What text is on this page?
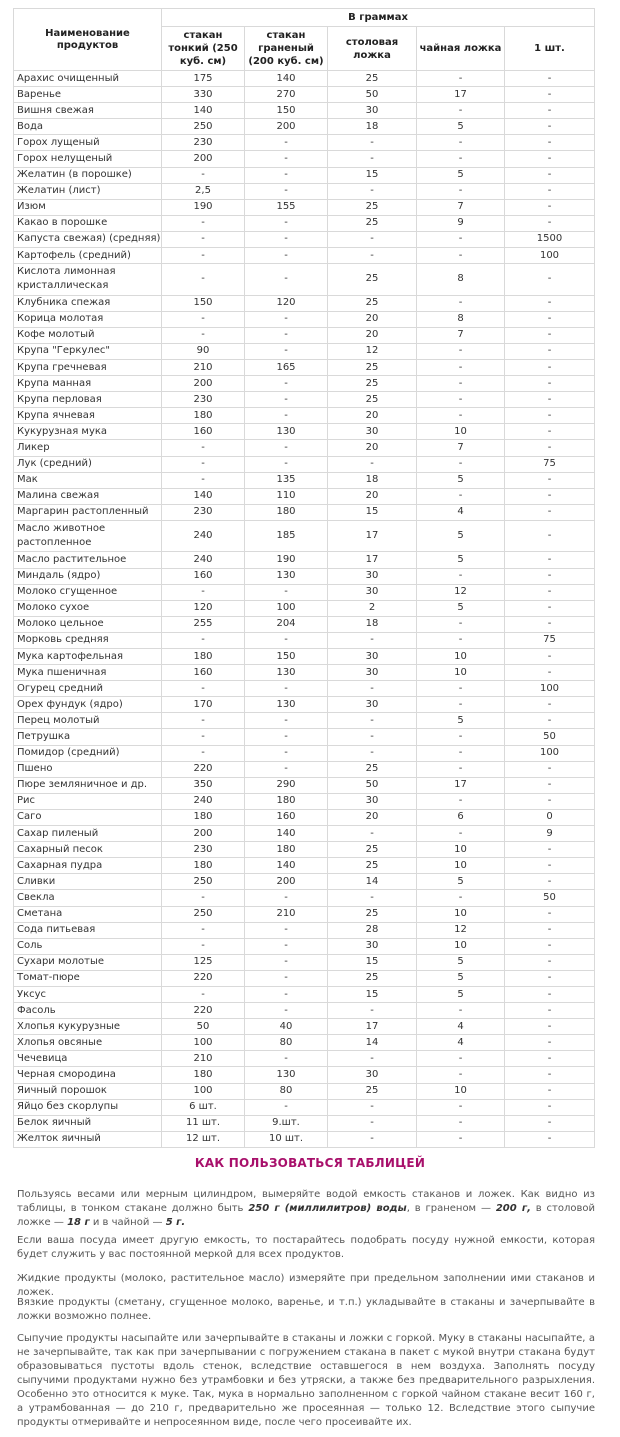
Наименование продуктов	В граммах				
	стакан тонкий (250 куб. см)	стакан граненый (200 куб. см)	столовая ложка	чайная ложка	1 шт.
Арахис очищенный	175	140	25	-	-
Варенье	330	270	50	17	-
Вишня свежая	140	150	30	-	-
Вода	250	200	18	5	-
Горох лущеный	230	-	-	-	-
Горох нелущеный	200	-	-	-	-
Желатин (в порошке)	-	-	15	5	-
Желатин (лист)	2,5	-	-	-	-
Изюм	190	155	25	7	-
Какао в порошке	-	-	25	9	-
Капуста свежая) (средняя)	-	-	-	-	1500
Картофель (средний)	-	-	-	-	100
Кислота лимонная кристаллическая	-	-	25	8	-
Клубника спежая	150	120	25	-	-
Корица молотая	-	-	20	8	-
Кофе молотый	-	-	20	7	-
Крупа "Геркулес"	90	-	12	-	-
Крупа гречневая	210	165	25	-	-
Крупа манная	200	-	25	-	-
Крупа перловая	230	-	25	-	-
Крупа ячневая	180	-	20	-	-
Кукурузная мука	160	130	30	10	-
Ликер	-	-	20	7	-
Лук (средний)	-	-	-	-	75
Мак	-	135	18	5	-
Малина свежая	140	110	20	-	-
Маргарин растопленный	230	180	15	4	-
Масло животное растопленное	240	185	17	5	-
Масло растительное	240	190	17	5	-
Миндаль (ядро)	160	130	30	-	-
Молоко сгущенное	-	-	30	12	-
Молоко сухое	120	100	2	5	-
Молоко цельное	255	204	18	-	-
Морковь средняя	-	-	-	-	75
Мука картофельная	180	150	30	10	-
Мука пшеничная	160	130	30	10	-
Огурец средний	-	-	-	-	100
Орех фундук (ядро)	170	130	30	-	-
Перец молотый	-	-	-	5	-
Петрушка	-	-	-	-	50
Помидор (средний)	-	-	-	-	100
Пшено	220	-	25	-	-
Пюре земляничное и др.	350	290	50	17	-
Рис	240	180	30	-	-
Саго	180	160	20	6	0
Сахар пиленый	200	140	-	-	9
Сахарный песок	230	180	25	10	-
Сахарная пудра	180	140	25	10	-
Сливки	250	200	14	5	-
Свекла	-	-	-	-	50
Сметана	250	210	25	10	-
Сода питьевая	-	-	28	12	-
Соль	-	-	30	10	-
Сухари молотые	125	-	15	5	-
Томат-пюре	220	-	25	5	-
Уксус	-	-	15	5	-
Фасоль	220	-	-	-	-
Хлопья кукурузные	50	40	17	4	-
Хлопья овсяные	100	80	14	4	-
Чечевица	210	-	-	-	-
Черная смородина	180	130	30	-	-
Яичный порошок	100	80	25	10	-
Яйцо без скорлупы	6 шт.	-	-	-	-
Белок яичный	11 шт.	9.шт.	-	-	-
Желток яичный	12 шт.	10 шт.	-	-	-
КАК ПОЛЬЗОВАТЬСЯ ТАБЛИЦЕЙ
Пользуясь весами или мерным цилиндром, вымеряйте водой емкость стаканов и ложек. Как видно из таблицы, в тонком стакане должно быть 250 г (миллилитров) воды, в граненом — 200 г, в столовой ложке — 18 г и в чайной — 5 г.
Если ваша посуда имеет другую емкость, то постарайтесь подобрать посуду нужной емкости, которая будет служить у вас постоянной меркой для всех продуктов.
Жидкие продукты (молоко, растительное масло) измеряйте при предельном заполнении ими стаканов и ложек.
Вязкие продукты (сметану, сгущенное молоко, варенье, и т.п.) укладывайте в стаканы и зачерпывайте в ложки возможно полнее.
Сыпучие продукты насыпайте или зачерпывайте в стаканы и ложки с горкой. Муку в стаканы насыпайте, а не зачерпывайте, так как при зачерпывании с погружением стакана в пакет с мукой внутри стакана будут образовываться пустоты вдоль стенок, вследствие оставшегося в нем воздуха. Заполнять посуду сыпучими продуктами нужно без утрамбовки и без утряски, а также без предварительного разрыхления. Особенно это относится к муке. Так, мука в нормально заполненном с горкой чайном стакане весит 160 г, а утрамбованная — до 210 г, предварительно же просеянная — только 12. Вследствие этого сыпучие продукты отмеривайте и непросеянном виде, после чего просеивайте их.
